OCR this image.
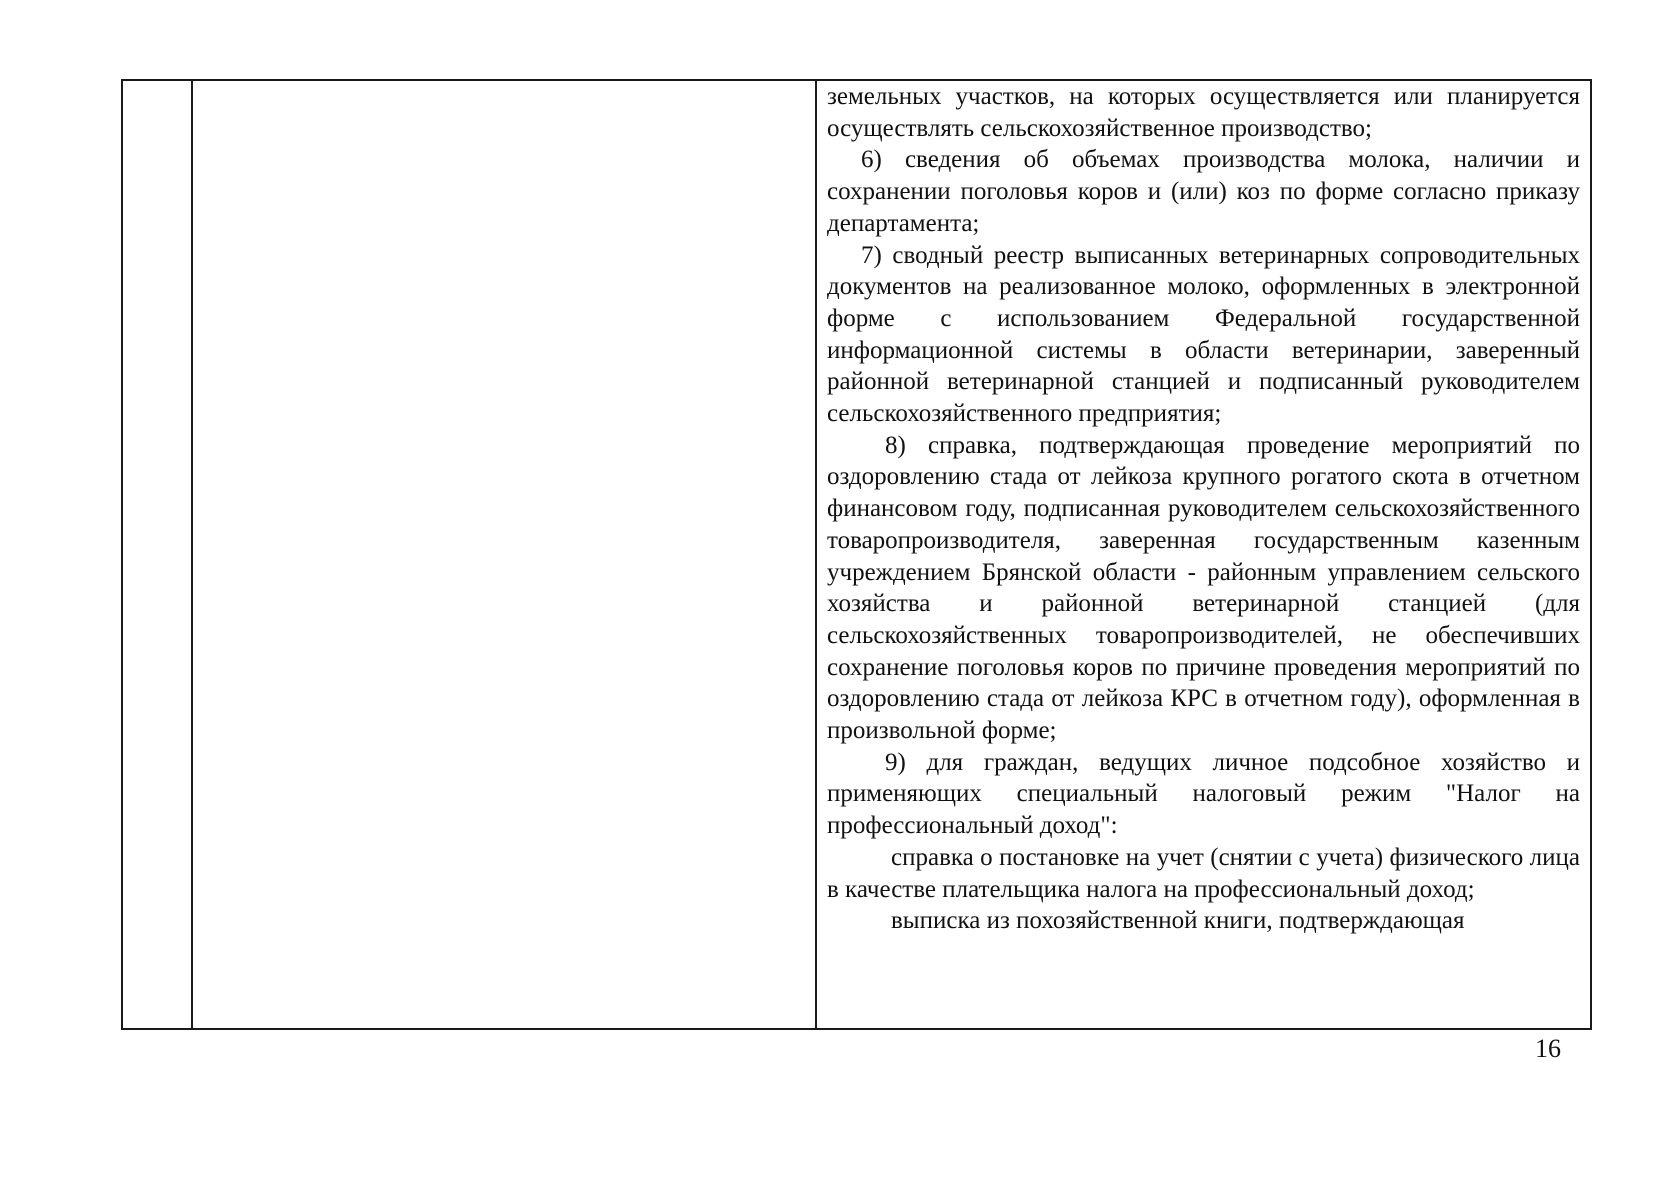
земельных участков, на которых осуществляется или планируется осуществлять сельскохозяйственное производство;

6) сведения об объемах производства молока, наличии и сохранении поголовья коров и (или) коз по форме согласно приказу департамента;

7) сводный реестр выписанных ветеринарных сопроводительных документов на реализованное молоко, оформленных в электронной форме с использованием Федеральной государственной информационной системы в области ветеринарии, заверенный районной ветеринарной станцией и подписанный руководителем сельскохозяйственного предприятия;

8) справка, подтверждающая проведение мероприятий по оздоровлению стада от лейкоза крупного рогатого скота в отчетном финансовом году, подписанная руководителем сельскохозяйственного товаропроизводителя, заверенная государственным казенным учреждением Брянской области - районным управлением сельского хозяйства и районной ветеринарной станцией (для сельскохозяйственных товаропроизводителей, не обеспечивших сохранение поголовья коров по причине проведения мероприятий по оздоровлению стада от лейкоза КРС в отчетном году), оформленная в произвольной форме;

9) для граждан, ведущих личное подсобное хозяйство и применяющих специальный налоговый режим "Налог на профессиональный доход":

справка о постановке на учет (снятии с учета) физического лица в качестве плательщика налога на профессиональный доход;

выписка из похозяйственной книги, подтверждающая

16
